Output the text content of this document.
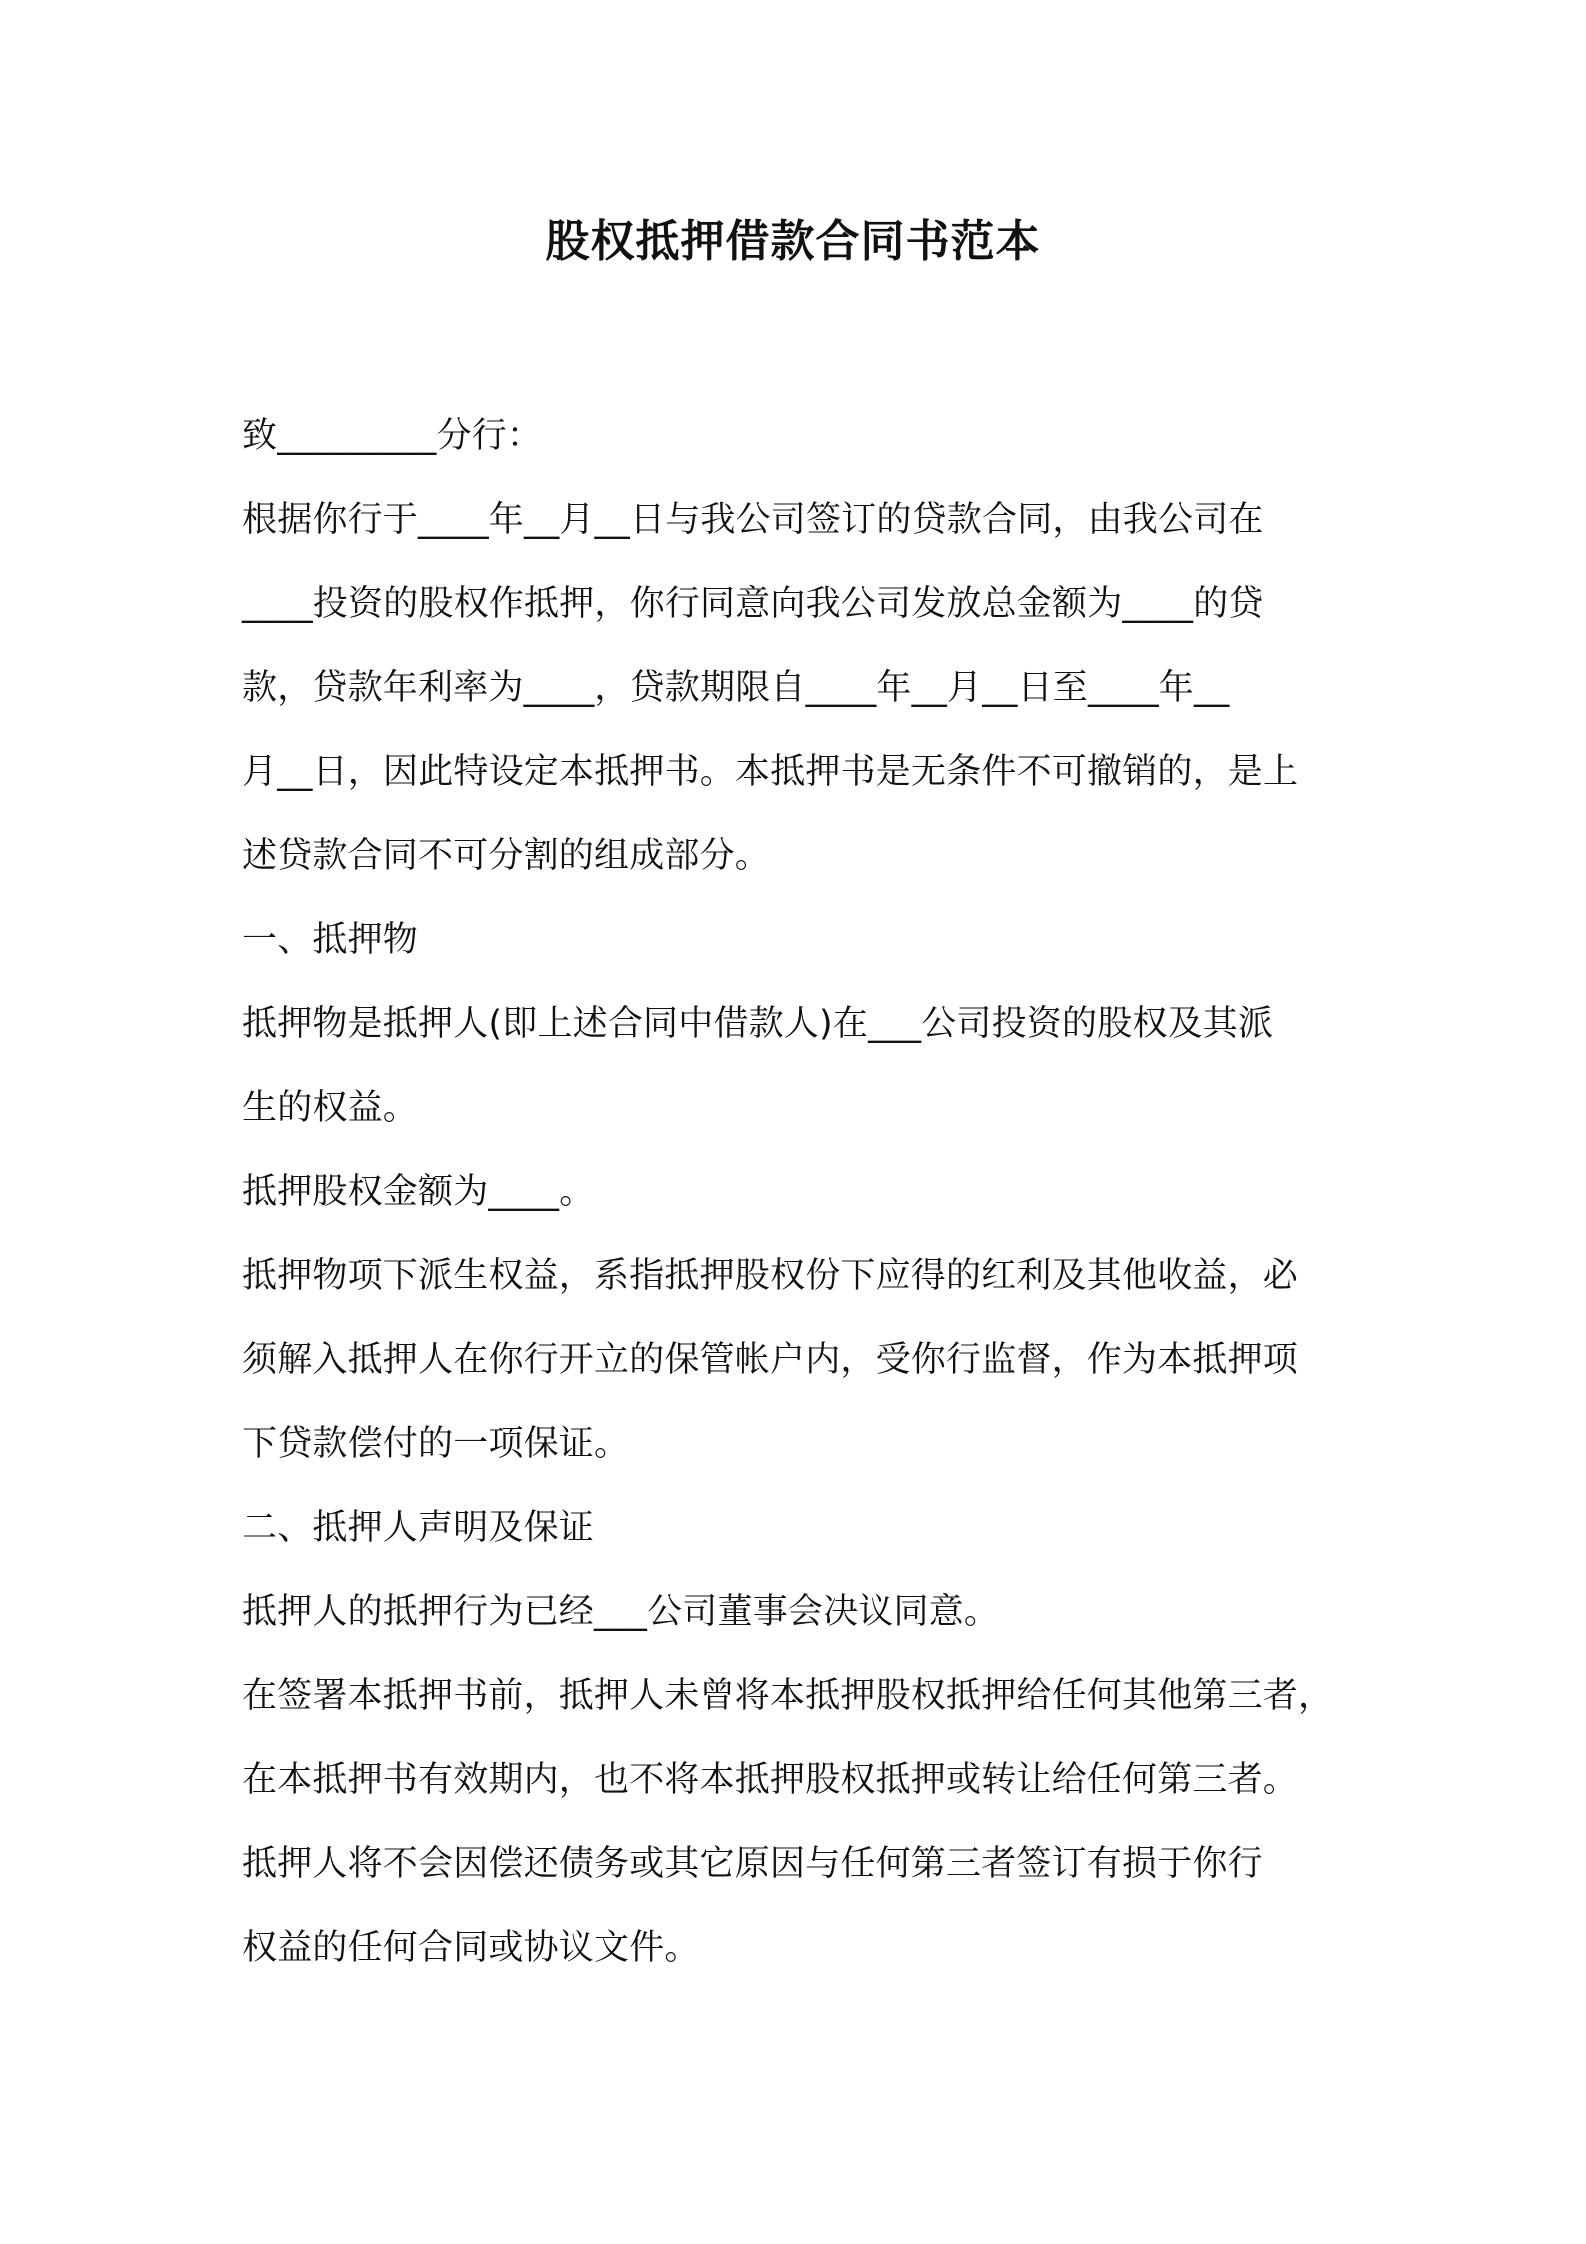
股权抵押借款合同书范本
致_________分行：
根据你行于____年__月__日与我公司签订的贷款合同，由我公司在
____投资的股权作抵押，你行同意向我公司发放总金额为____的贷
款，贷款年利率为____，贷款期限自____年__月__日至____年__
月__日，因此特设定本抵押书。本抵押书是无条件不可撤销的，是上
述贷款合同不可分割的组成部分。
一、抵押物
抵押物是抵押人(即上述合同中借款人)在___公司投资的股权及其派
生的权益。
抵押股权金额为____。
抵押物项下派生权益，系指抵押股权份下应得的红利及其他收益，必
须解入抵押人在你行开立的保管帐户内，受你行监督，作为本抵押项
下贷款偿付的一项保证。
二、抵押人声明及保证
抵押人的抵押行为已经___公司董事会决议同意。
在签署本抵押书前，抵押人未曾将本抵押股权抵押给任何其他第三者，
在本抵押书有效期内，也不将本抵押股权抵押或转让给任何第三者。
抵押人将不会因偿还债务或其它原因与任何第三者签订有损于你行
权益的任何合同或协议文件。
